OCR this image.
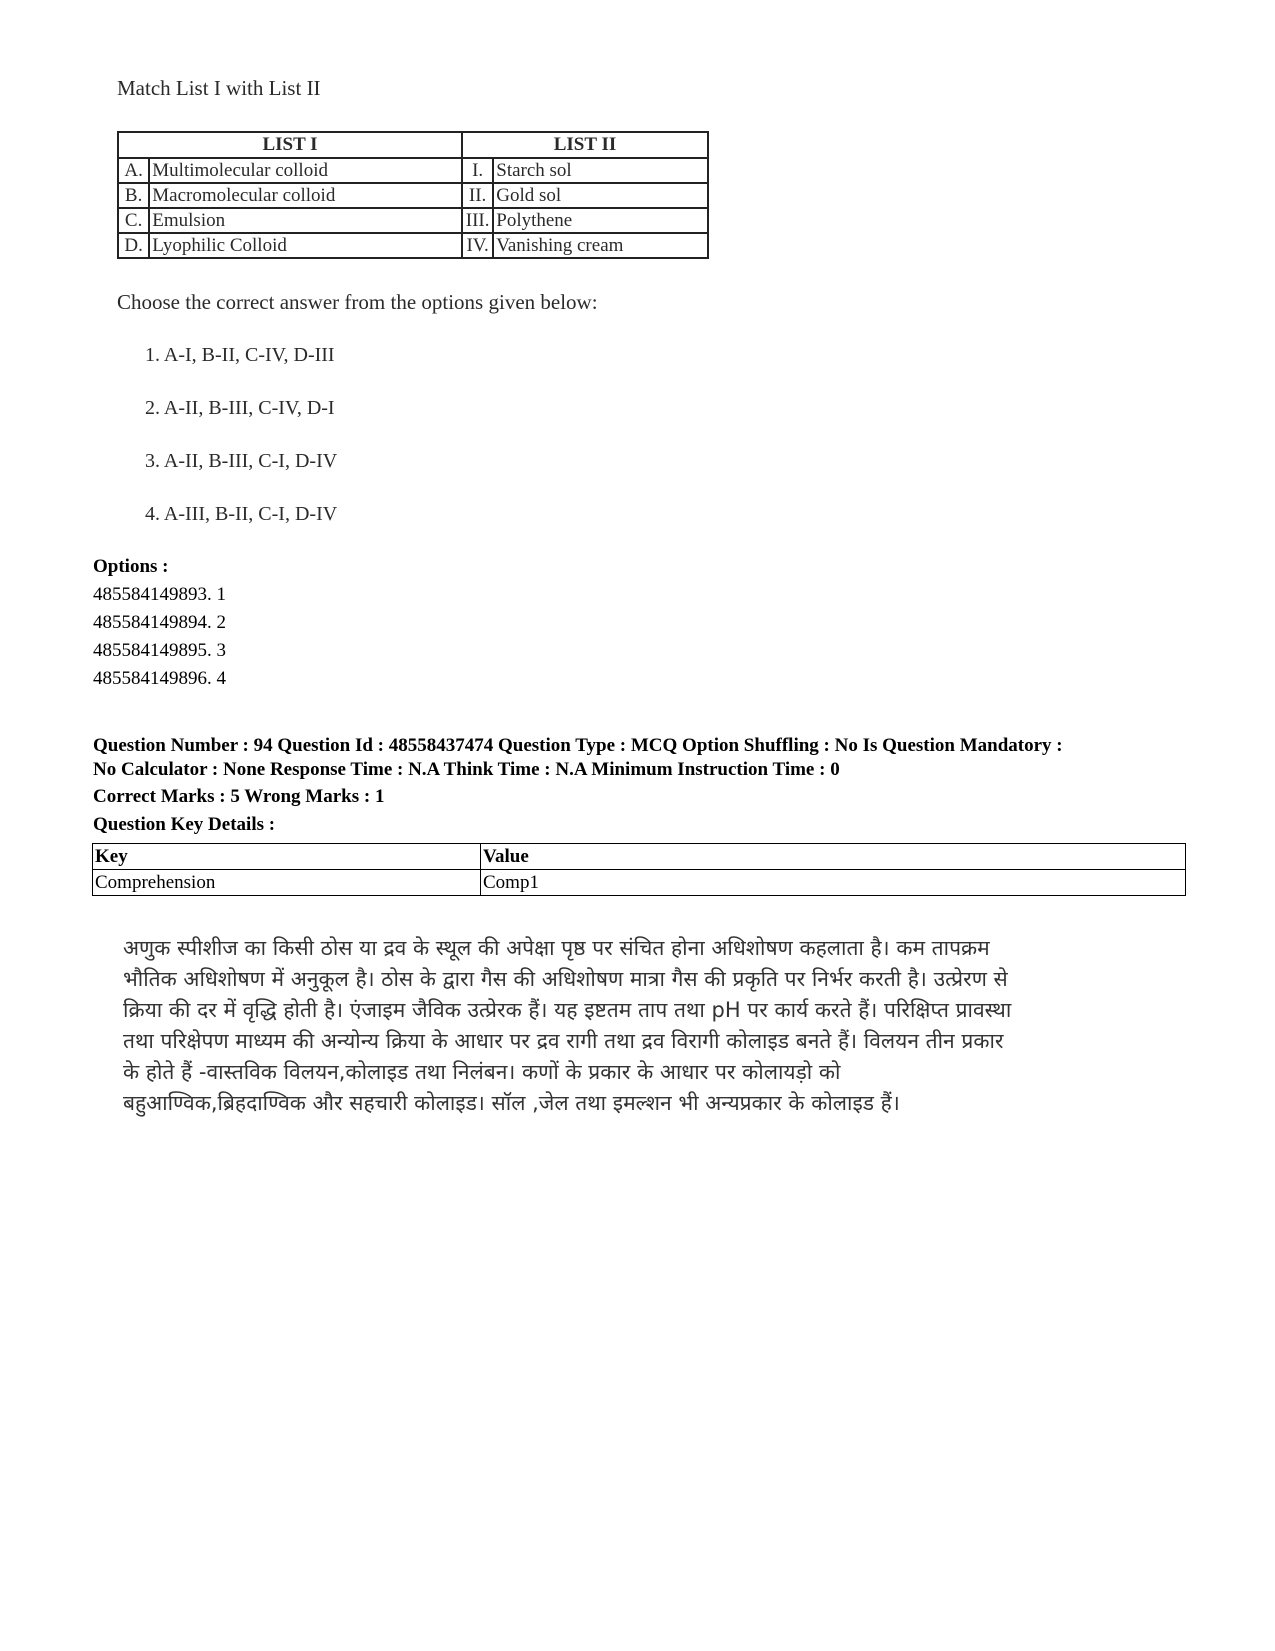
Match List I with List II

LIST I		LIST II	
A.	Multimolecular colloid	I.	Starch sol
B.	Macromolecular colloid	II.	Gold sol
C.	Emulsion	III.	Polythene
D.	Lyophilic Colloid	IV.	Vanishing cream
Choose the correct answer from the options given below:
1. A-I, B-II, C-IV, D-III
2. A-II, B-III, C-IV, D-I
3. A-II, B-III, C-I, D-IV
4. A-III, B-II, C-I, D-IV
Options :
485584149893. 1
485584149894. 2
485584149895. 3
485584149896. 4

Question Number : 94 Question Id : 48558437474 Question Type : MCQ Option Shuffling : No Is Question Mandatory :

No Calculator : None Response Time : N.A Think Time : N.A Minimum Instruction Time : 0

Correct Marks : 5 Wrong Marks : 1
Question Key Details :
Key	Value
Comprehension	Comp1
अणुक स्पीशीज का किसी ठोस या द्रव के स्थूल की अपेक्षा पृष्ठ पर संचित होना अधिशोषण कहलाता है। कम तापक्रम
भौतिक अधिशोषण में अनुकूल है। ठोस के द्वारा गैस की अधिशोषण मात्रा गैस की प्रकृति पर निर्भर करती है। उत्प्रेरण से
क्रिया की दर में वृद्धि होती है। एंजाइम जैविक उत्प्रेरक हैं। यह इष्टतम ताप तथा pH पर कार्य करते हैं। परिक्षिप्त प्रावस्था
तथा परिक्षेपण माध्यम की अन्योन्य क्रिया के आधार पर द्रव रागी तथा द्रव विरागी कोलाइड बनते हैं। विलयन तीन प्रकार
के होते हैं -वास्तविक विलयन,कोलाइड तथा निलंबन। कणों के प्रकार के आधार पर कोलायड़ो को
बहुआण्विक,ब्रिहदाण्विक और सहचारी कोलाइड। सॉल ,जेल तथा इमल्शन भी अन्यप्रकार के कोलाइड हैं।
